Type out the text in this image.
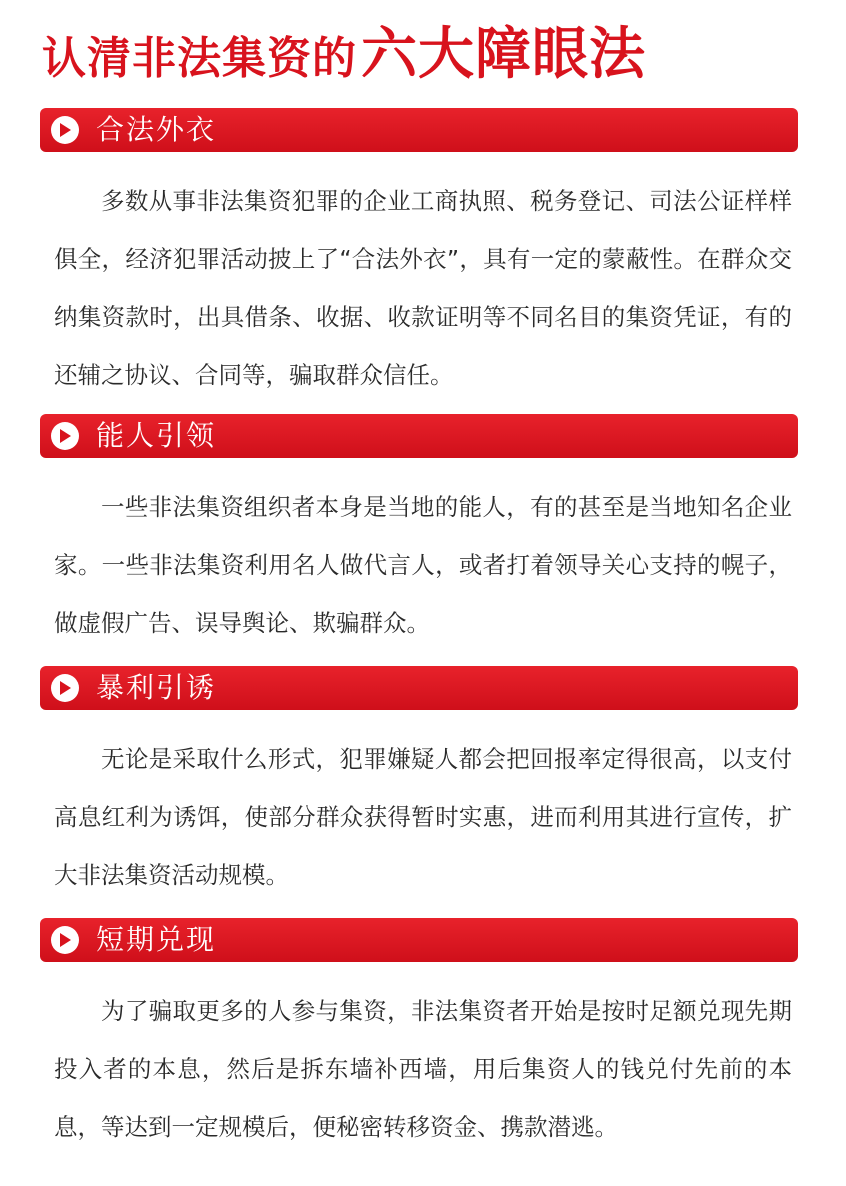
认清非法集资的 六大障眼法
合法外衣

多数从事非法集资犯罪的企业工商执照、税务登记、司法公证样样俱全，经济犯罪活动披上了“合法外衣”，具有一定的蒙蔽性。在群众交纳集资款时，出具借条、收据、收款证明等不同名目的集资凭证，有的还辅之协议、合同等，骗取群众信任。

能人引领

一些非法集资组织者本身是当地的能人，有的甚至是当地知名企业家。一些非法集资利用名人做代言人，或者打着领导关心支持的幌子，做虚假广告、误导舆论、欺骗群众。

暴利引诱

无论是采取什么形式，犯罪嫌疑人都会把回报率定得很高，以支付高息红利为诱饵，使部分群众获得暂时实惠，进而利用其进行宣传，扩大非法集资活动规模。

短期兑现

为了骗取更多的人参与集资，非法集资者开始是按时足额兑现先期投入者的本息，然后是拆东墙补西墙，用后集资人的钱兑付先前的本息，等达到一定规模后，便秘密转移资金、携款潜逃。
